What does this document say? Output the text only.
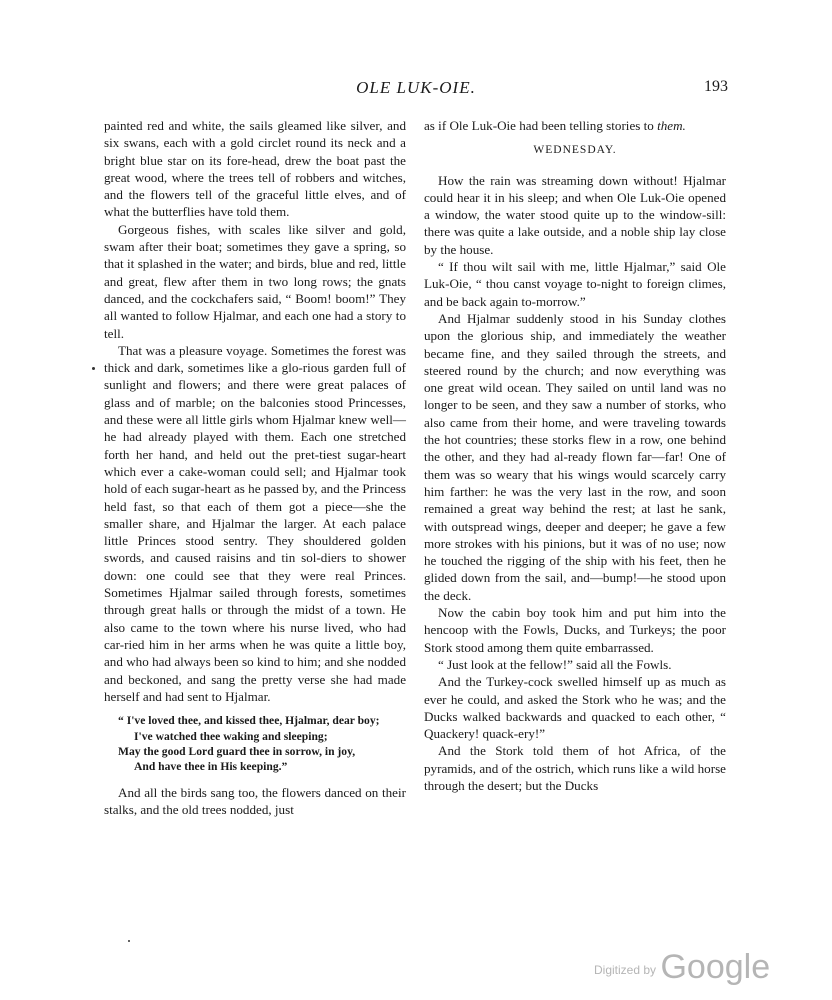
OLE LUK-OIE.	193

painted red and white, the sails gleamed like silver, and six swans, each with a gold circlet round its neck and a bright blue star on its fore-head, drew the boat past the great wood, where the trees tell of robbers and witches, and the flowers tell of the graceful little elves, and of what the butterflies have told them.

Gorgeous fishes, with scales like silver and gold, swam after their boat; sometimes they gave a spring, so that it splashed in the water; and birds, blue and red, little and great, flew after them in two long rows; the gnats danced, and the cockchafers said, “ Boom! boom!” They all wanted to follow Hjalmar, and each one had a story to tell.

That was a pleasure voyage. Sometimes the forest was thick and dark, sometimes like a glo-rious garden full of sunlight and flowers; and there were great palaces of glass and of marble; on the balconies stood Princesses, and these were all little girls whom Hjalmar knew well—he had already played with them. Each one stretched forth her hand, and held out the pret-tiest sugar-heart which ever a cake-woman could sell; and Hjalmar took hold of each sugar-heart as he passed by, and the Princess held fast, so that each of them got a piece—she the smaller share, and Hjalmar the larger. At each palace little Princes stood sentry. They shouldered golden swords, and caused raisins and tin sol-diers to shower down: one could see that they were real Princes. Sometimes Hjalmar sailed through forests, sometimes through great halls or through the midst of a town. He also came to the town where his nurse lived, who had car-ried him in her arms when he was quite a little boy, and who had always been so kind to him; and she nodded and beckoned, and sang the pretty verse she had made herself and had sent to Hjalmar.

“ I've loved thee, and kissed thee, Hjalmar, dear boy;
I've watched thee waking and sleeping;
May the good Lord guard thee in sorrow, in joy,
And have thee in His keeping.”

And all the birds sang too, the flowers danced on their stalks, and the old trees nodded, just

as if Ole Luk-Oie had been telling stories to them.

WEDNESDAY.

How the rain was streaming down without! Hjalmar could hear it in his sleep; and when Ole Luk-Oie opened a window, the water stood quite up to the window-sill: there was quite a lake outside, and a noble ship lay close by the house.

“ If thou wilt sail with me, little Hjalmar,” said Ole Luk-Oie, “ thou canst voyage to-night to foreign climes, and be back again to-morrow.”

And Hjalmar suddenly stood in his Sunday clothes upon the glorious ship, and immediately the weather became fine, and they sailed through the streets, and steered round by the church; and now everything was one great wild ocean. They sailed on until land was no longer to be seen, and they saw a number of storks, who also came from their home, and were traveling towards the hot countries; these storks flew in a row, one behind the other, and they had al-ready flown far—far! One of them was so weary that his wings would scarcely carry him farther: he was the very last in the row, and soon remained a great way behind the rest; at last he sank, with outspread wings, deeper and deeper; he gave a few more strokes with his pinions, but it was of no use; now he touched the rigging of the ship with his feet, then he glided down from the sail, and—bump!—he stood upon the deck.

Now the cabin boy took him and put him into the hencoop with the Fowls, Ducks, and Turkeys; the poor Stork stood among them quite embarrassed.

“ Just look at the fellow!” said all the Fowls.

And the Turkey-cock swelled himself up as much as ever he could, and asked the Stork who he was; and the Ducks walked backwards and quacked to each other, “ Quackery! quack-ery!”

And the Stork told them of hot Africa, of the pyramids, and of the ostrich, which runs like a wild horse through the desert; but the Ducks

$^{Digitized by}$ Google
